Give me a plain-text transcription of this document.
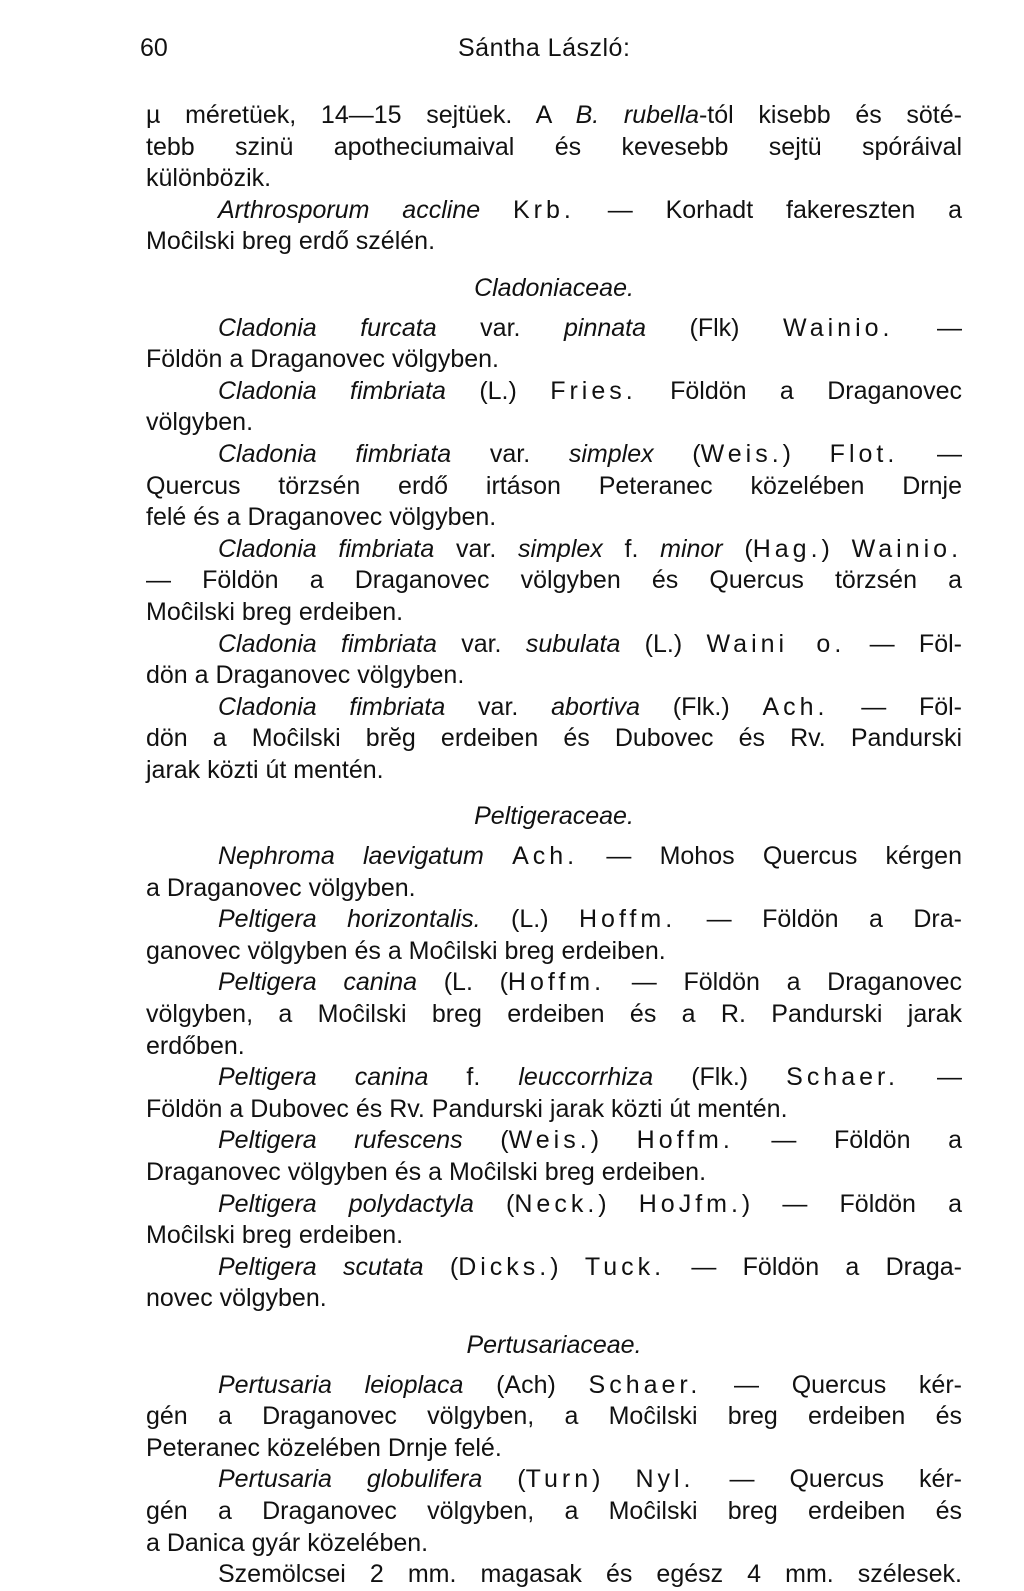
60	Sántha László:
µ méretüek, 14—15 sejtüek. A B. rubella-tól kisebb és söté-
tebb szinü apotheciumaival és kevesebb sejtü spóráival
különbözik.
Arthrosporum accline Krb. — Korhadt fakereszten a
Moĉilski breg erdő szélén.
Cladoniaceae.
Cladonia furcata var. pinnata (Flk) Wainio. —
Földön a Draganovec völgyben.
Cladonia fimbriata (L.) Fries. Földön a Draganovec
völgyben.
Cladonia fimbriata var. simplex (Weis.) Flot. —
Quercus törzsén erdő irtáson Peteranec közelében Drnje
felé és a Draganovec völgyben.
Cladonia fimbriata var. simplex f. minor (Hag.) Wainio.
— Földön a Draganovec völgyben és Quercus törzsén a
Moĉilski breg erdeiben.
Cladonia fimbriata var. subulata (L.) Waini o. — Föl-
dön a Draganovec völgyben.
Cladonia fimbriata var. abortiva (Flk.) Ach. — Föl-
dön a Moĉilski brĕg erdeiben és Dubovec és Rv. Pandurski
jarak közti út mentén.
Peltigeraceae.
Nephroma laevigatum Ach. — Mohos Quercus kérgen
a Draganovec völgyben.
Peltigera horizontalis. (L.) Hoffm. — Földön a Dra-
ganovec völgyben és a Moĉilski breg erdeiben.
Peltigera canina (L. (Hoffm. — Földön a Draganovec
völgyben, a Moĉilski breg erdeiben és a R. Pandurski jarak
erdőben.
Peltigera canina f. leuccorrhiza (Flk.) Schaer. —
Földön a Dubovec és Rv. Pandurski jarak közti út mentén.
Peltigera rufescens (Weis.) Hoffm. — Földön a
Draganovec völgyben és a Moĉilski breg erdeiben.
Peltigera polydactyla (Neck.) HoJfm.) — Földön a
Moĉilski breg erdeiben.
Peltigera scutata (Dicks.) Tuck. — Földön a Draga-
novec völgyben.
Pertusariaceae.
Pertusaria leioplaca (Ach) Schaer. — Quercus kér-
gén a Draganovec völgyben, a Moĉilski breg erdeiben és
Peteranec közelében Drnje felé.
Pertusaria globulifera (Turn) Nyl. — Quercus kér-
gén a Draganovec völgyben, a Moĉilski breg erdeiben és
a Danica gyár közelében.
Szemölcsei 2 mm. magasak és egész 4 mm. szélesek.
